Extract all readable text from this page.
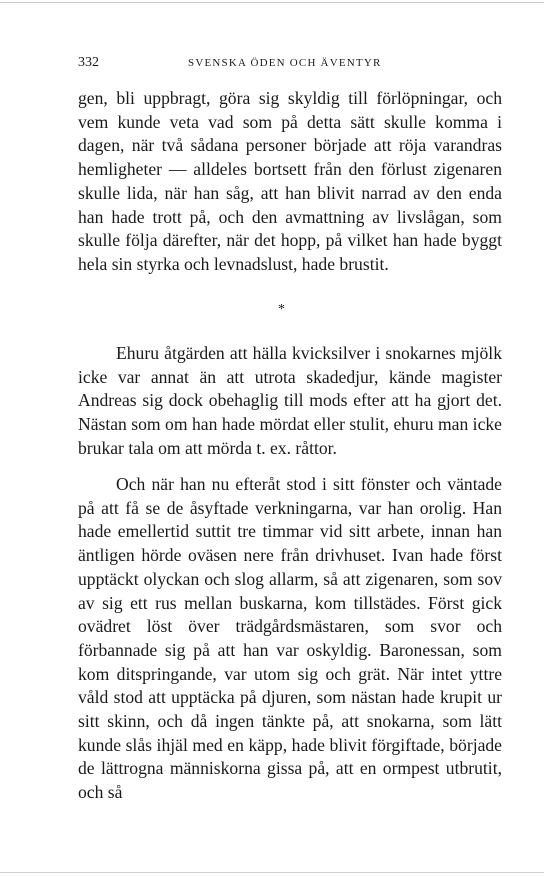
332	SVENSKA ÖDEN OCH ÄVENTYR

gen, bli uppbragt, göra sig skyldig till förlöpningar, och vem kunde veta vad som på detta sätt skulle komma i dagen, när två sådana personer började att röja varandras hemligheter — alldeles bortsett från den förlust zigenaren skulle lida, när han såg, att han blivit narrad av den enda han hade trott på, och den avmattning av livslågan, som skulle följa därefter, när det hopp, på vilket han hade byggt hela sin styrka och levnadslust, hade brustit.

*

Ehuru åtgärden att hälla kvicksilver i snokarnes mjölk icke var annat än att utrota skadedjur, kände magister Andreas sig dock obehaglig till mods efter att ha gjort det. Nästan som om han hade mördat eller stulit, ehuru man icke brukar tala om att mörda t. ex. råttor.

Och när han nu efteråt stod i sitt fönster och väntade på att få se de åsyftade verkningarna, var han orolig. Han hade emellertid suttit tre timmar vid sitt arbete, innan han äntligen hörde oväsen nere från drivhuset. Ivan hade först upptäckt olyckan och slog allarm, så att zigenaren, som sov av sig ett rus mellan buskarna, kom tillstädes. Först gick ovädret löst över trädgårdsmästaren, som svor och förbannade sig på att han var oskyldig. Baronessan, som kom ditspringande, var utom sig och grät. När intet yttre våld stod att upptäcka på djuren, som nästan hade krupit ur sitt skinn, och då ingen tänkte på, att snokarna, som lätt kunde slås ihjäl med en käpp, hade blivit förgiftade, började de lättrogna människorna gissa på, att en ormpest utbrutit, och så
